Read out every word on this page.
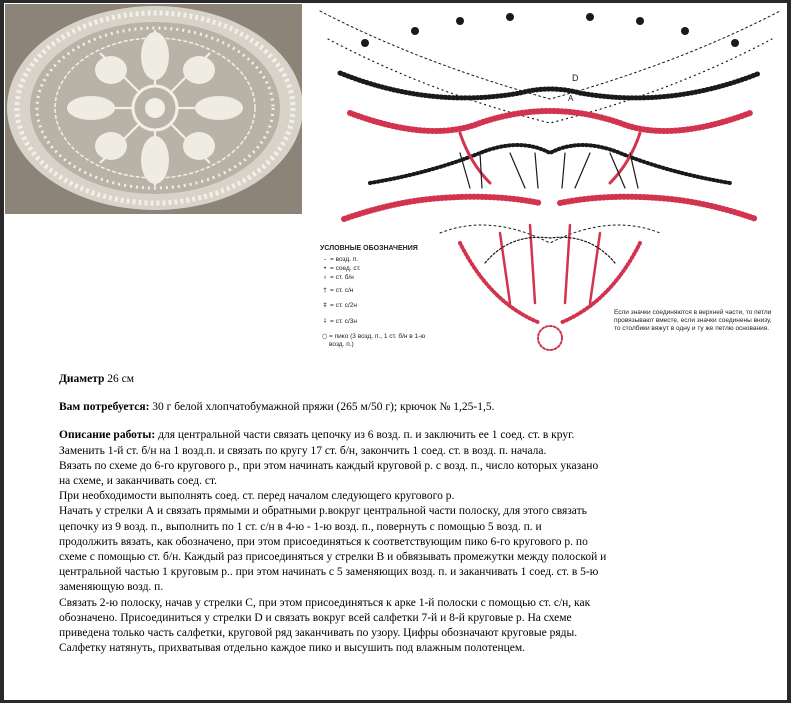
D
A
УСЛОВНЫЕ ОБОЗНАЧЕНИЯ
- = возд. п.
• = соед. ст.
ı = ст. б/н
† = ст. с/н
‡ = ст. с/2н
⸸ = ст. с/3н
○ = пико (3 возд. п., 1 ст. б/н в 1-ю возд. п.)
Если значки соединяются в верхней части, то петли провязывают вместе, если значки соединены внизу, то столбики вяжут в одну и ту же петлю основания.

Диаметр 26 см

Вам потребуется: 30 г белой хлопчатобумажной пряжи (265 м/50 г); крючок № 1,25-1,5.

Описание работы: для центральной части связать цепочку из 6 возд. п. и заключить ее 1 соед. ст. в круг.

Заменить 1-й ст. б/н на 1 возд.п. и связать по кругу 17 ст. б/н, закончить 1 соед. ст. в возд. п. начала.

Вязать по схеме до 6-го кругового р., при этом начинать каждый круговой р. с возд. п., число которых указано

на схеме, и заканчивать соед. ст.

При необходимости выполнять соед. ст. перед началом следующего кругового р.

Начать у стрелки А и связать прямыми и обратными р.вокруг центральной части полоску, для этого связать

цепочку из 9 возд. п., выполнить по 1 ст. с/н в 4-ю - 1-ю возд. п., повернуть с помощью 5 возд. п. и

продолжить вязать, как обозначено, при этом присоединяться к соответствующим пико 6-го кругового р. по

схеме с помощью ст. б/н. Каждый раз присоединяться у стрелки В и обвязывать промежутки между полоской и

центральной частью 1 круговым р.. при этом начинать с 5 заменяющих возд. п. и заканчивать 1 соед. ст. в 5-ю

заменяющую возд. п.

Связать 2-ю полоску, начав у стрелки С, при этом присоединяться к арке 1-й полоски с помощью ст. с/н, как

обозначено. Присоединиться у стрелки D и связать вокруг всей салфетки 7-й и 8-й круговые р. На схеме

приведена только часть салфетки, круговой ряд заканчивать по узору. Цифры обозначают круговые ряды.

Салфетку натянуть, прихватывая отдельно каждое пико и высушить под влажным полотенцем.
